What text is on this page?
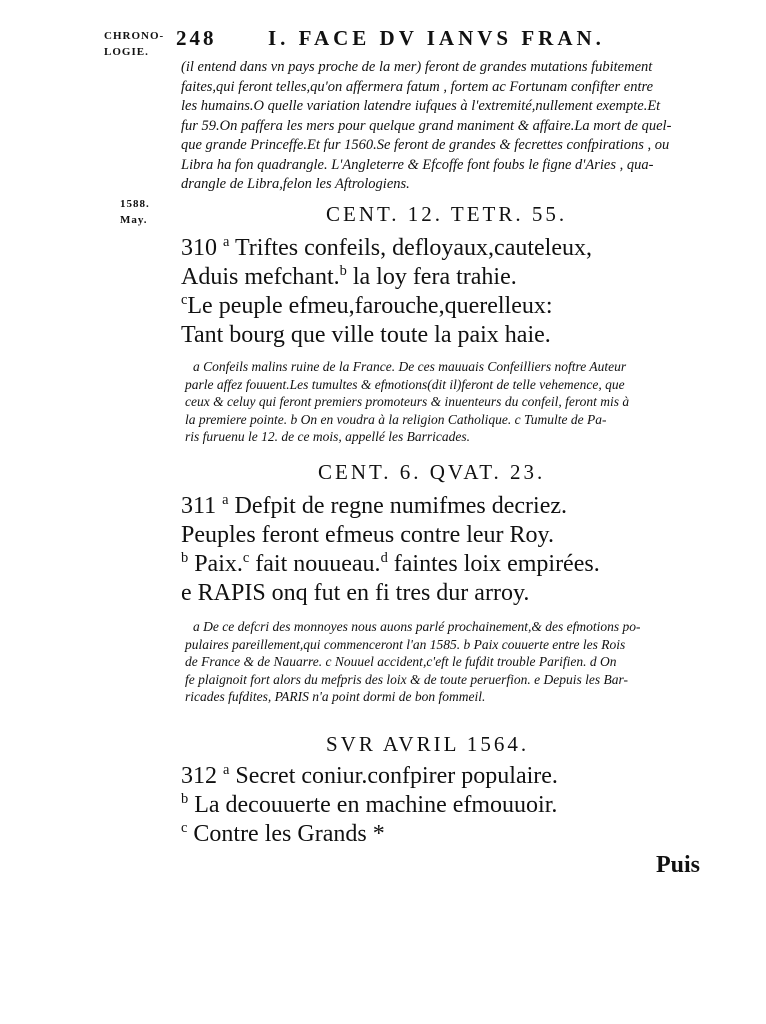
CHRONO-
LOGIE.
248 I. FACE DV IANVS FRAN.
(il entend dans vn pays proche de la mer) feront de grandes mutations fubitement
faites,qui feront telles,qu'on affermera fatum , fortem ac Fortunam confifter entre
les humains.O quelle variation latendre iufques à l'extremité,nullement exempte.Et
fur 59.On paffera les mers pour quelque grand maniment & affaire.La mort de quel-
que grande Princeffe.Et fur 1560.Se feront de grandes & fecrettes confpirations , ou
Libra ha fon quadrangle. L'Angleterre & Efcoffe font foubs le figne d'Aries , qua-
drangle de Libra,felon les Aftrologiens.
1588.
May.	CENT. 12. TETR. 55.
310 $^a$ Triftes confeils, defloyaux,cauteleux,
Aduis mefchant.$^b$ la loy fera trahie.
$^c$Le peuple efmeu,farouche,querelleux:
Tant bourg que ville toute la paix haie.
a Confeils malins ruine de la France. De ces mauuais Confeilliers noftre Auteur
parle affez fouuent.Les tumultes & efmotions(dit il)feront de telle vehemence, que
ceux & celuy qui feront premiers promoteurs & inuenteurs du confeil, feront mis à
la premiere pointe. b On en voudra à la religion Catholique. c Tumulte de Pa-
ris furuenu le 12. de ce mois, appellé les Barricades.
CENT. 6. QVAT. 23.
311 $^a$ Defpit de regne numifmes decriez.
Peuples feront efmeus contre leur Roy.
$^b$ Paix.$^c$ fait nouueau.$^d$ faintes loix empirées.
e RAPIS onq fut en fi tres dur arroy.
a De ce defcri des monnoyes nous auons parlé prochainement,& des efmotions po-
pulaires pareillement,qui commenceront l'an 1585. b Paix couuerte entre les Rois
de France & de Nauarre. c Nouuel accident,c'eft le fufdit trouble Parifien. d On
fe plaignoit fort alors du mefpris des loix & de toute peruerfion. e Depuis les Bar-
ricades fufdites, PARIS n'a point dormi de bon fommeil.
SVR AVRIL 1564.
312 $^a$ Secret coniur.confpirer populaire.
$^b$ La decouuerte en machine efmouuoir.
$^c$ Contre les Grands *
Puis
